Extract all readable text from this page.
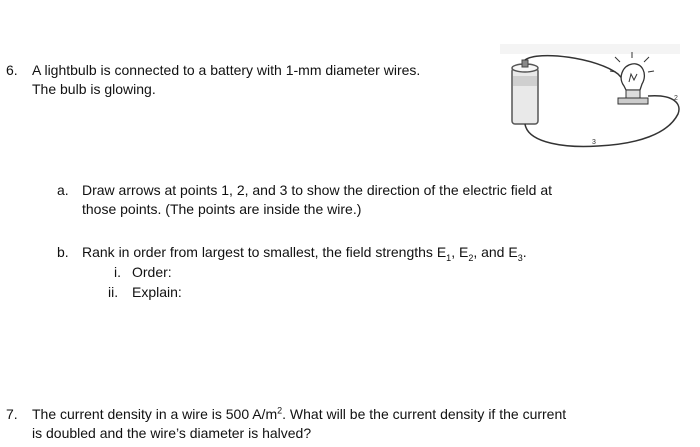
6. A lightbulb is connected to a battery with 1-mm diameter wires.
The bulb is glowing.
2
3
a. Draw arrows at points 1, 2, and 3 to show the direction of the electric field at
those points. (The points are inside the wire.)
b. Rank in order from largest to smallest, the field strengths $E_1$, $E_2$, and $E_3$.
i. Order:
ii. Explain:
7. The current density in a wire is 500 $A/m^2$. What will be the current density if the current
is doubled and the wire’s diameter is halved?
